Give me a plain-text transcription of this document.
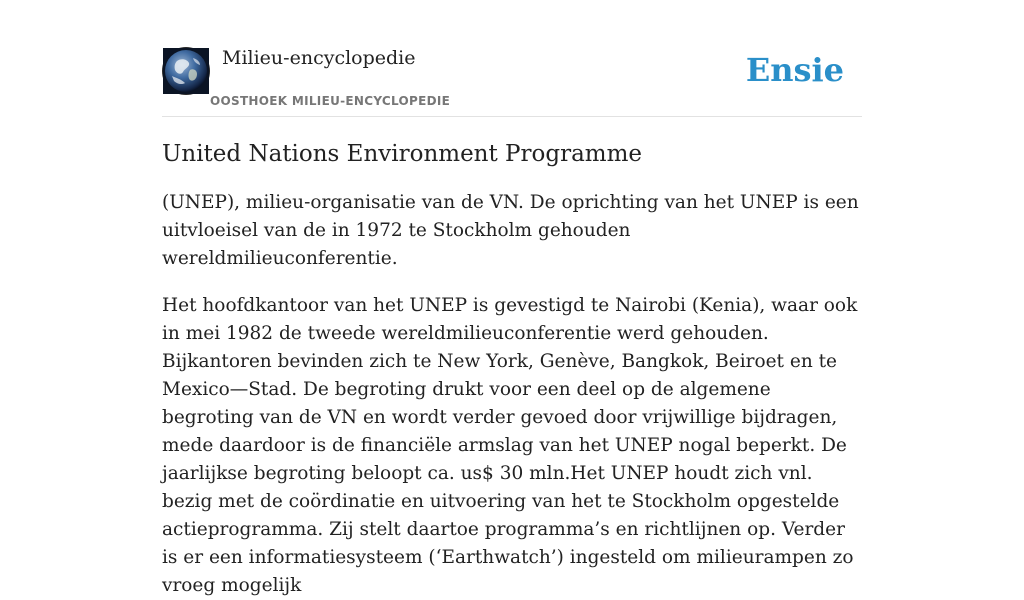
Milieu-encyclopedie
OOSTHOEK MILIEU-ENCYCLOPEDIE
Ensie
United Nations Environment Programme

(UNEP), milieu-organisatie van de VN. De oprichting van het UNEP is een uitvloeisel van de in 1972 te Stockholm gehouden wereldmilieuconferentie.

Het hoofdkantoor van het UNEP is gevestigd te Nairobi (Kenia), waar ook in mei 1982 de tweede wereldmilieuconferentie werd gehouden. Bijkantoren bevinden zich te New York, Genève, Bangkok, Beiroet en te Mexico—Stad. De begroting drukt voor een deel op de algemene begroting van de VN en wordt verder gevoed door vrijwillige bijdragen, mede daardoor is de financiële armslag van het UNEP nogal beperkt. De jaarlijkse begroting beloopt ca. us$ 30 mln.Het UNEP houdt zich vnl. bezig met de coördinatie en uitvoering van het te Stockholm opgestelde actieprogramma. Zij stelt daartoe programma’s en richtlijnen op. Verder is er een informatiesysteem (‘Earthwatch’) ingesteld om milieurampen zo vroeg mogelijk
